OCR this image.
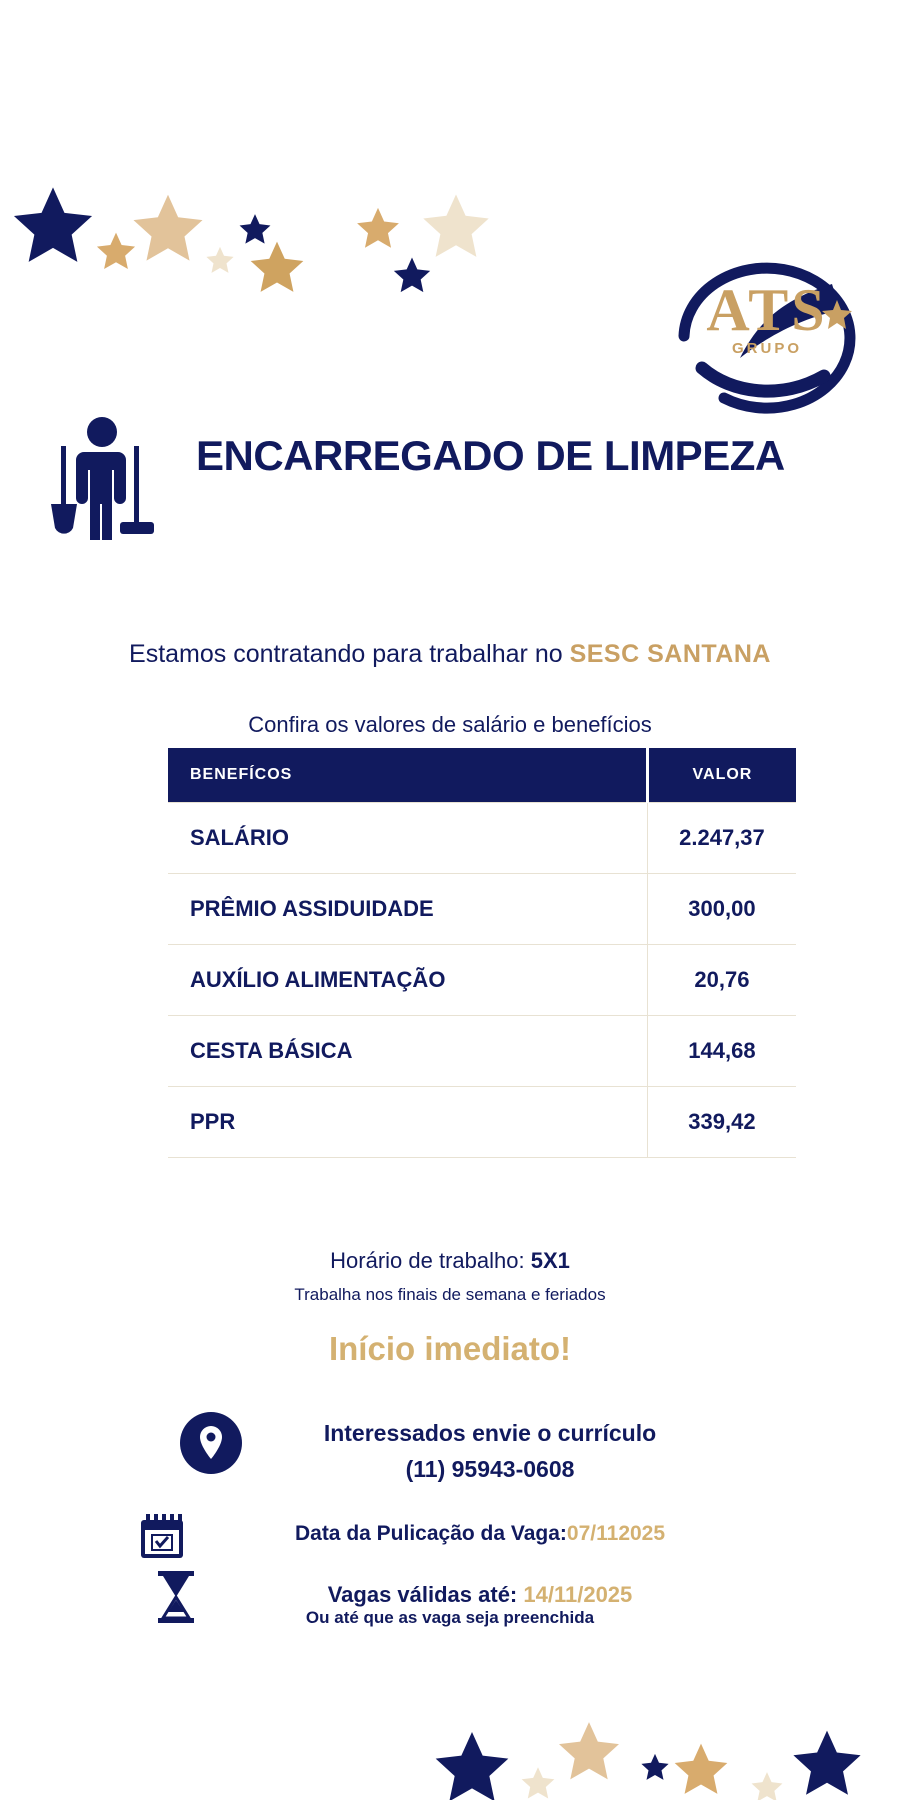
ATS
GRUPO
ENCARREGADO DE LIMPEZA
Estamos contratando para trabalhar no SESC SANTANA
Confira os valores de salário e benefícios
BENEFÍCOS	VALOR
SALÁRIO	2.247,37
PRÊMIO ASSIDUIDADE	300,00
AUXÍLIO ALIMENTAÇÃO	20,76
CESTA BÁSICA	144,68
PPR	339,42
Horário de trabalho: 5X1
Trabalha nos finais de semana e feriados
Início imediato!
Interessados envie o currículo
(11) 95943-0608
Data da Pulicação da Vaga:07/112025
Vagas válidas até: 14/11/2025
Ou até que as vaga seja preenchida
